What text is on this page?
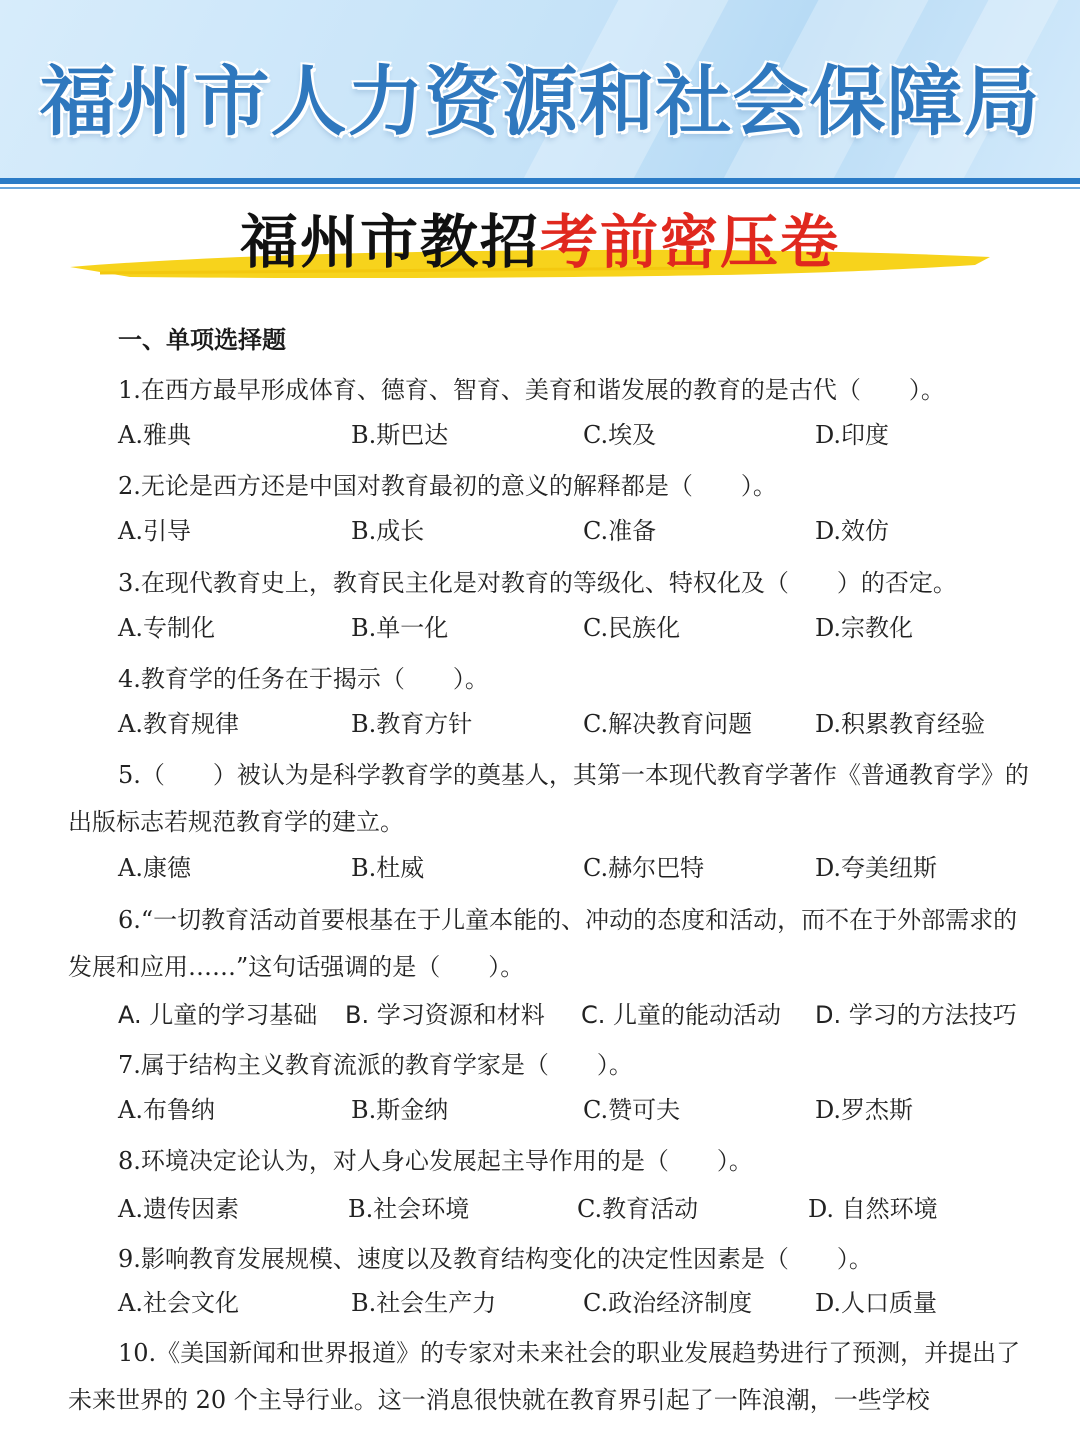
福州市人力资源和社会保障局
福州市教招考前密压卷
一、单项选择题
1.在西方最早形成体育、德育、智育、美育和谐发展的教育的是古代（　　）。
A.雅典	B.斯巴达	C.埃及	D.印度
2.无论是西方还是中国对教育最初的意义的解释都是（　　）。
A.引导	B.成长	C.准备	D.效仿
3.在现代教育史上，教育民主化是对教育的等级化、特权化及（　　）的否定。
A.专制化	B.单一化	C.民族化	D.宗教化
4.教育学的任务在于揭示（　　）。
A.教育规律	B.教育方针	C.解决教育问题	D.积累教育经验
5.（　　）被认为是科学教育学的奠基人，其第一本现代教育学著作《普通教育学》的出版标志若规范教育学的建立。
A.康德	B.杜威	C.赫尔巴特	D.夸美纽斯
6.“一切教育活动首要根基在于儿童本能的、冲动的态度和活动，而不在于外部需求的发展和应用……”这句话强调的是（　　）。
A. 儿童的学习基础 B. 学习资源和材料 C. 儿童的能动活动 D. 学习的方法技巧
7.属于结构主义教育流派的教育学家是（　　）。
A.布鲁纳	B.斯金纳	C.赞可夫	D.罗杰斯
8.环境决定论认为，对人身心发展起主导作用的是（　　）。
A.遗传因素	B.社会环境	C.教育活动	D. 自然环境
9.影响教育发展规模、速度以及教育结构变化的决定性因素是（　　）。
A.社会文化	B.社会生产力	C.政治经济制度	D.人口质量
10.《美国新闻和世界报道》的专家对未来社会的职业发展趋势进行了预测，并提出了未来世界的 20 个主导行业。这一消息很快就在教育界引起了一阵浪潮，一些学校
